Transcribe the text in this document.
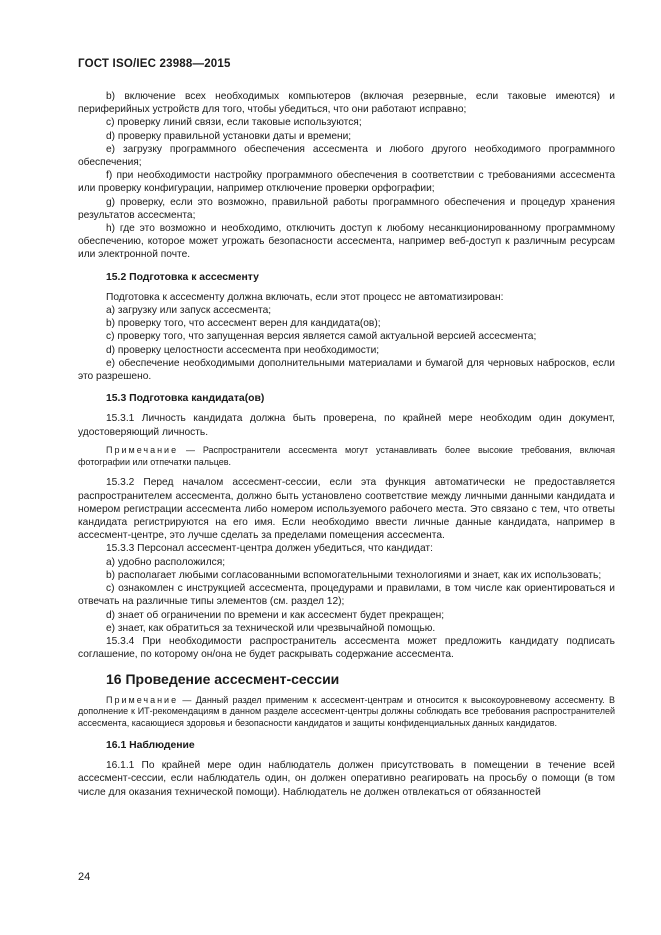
ГОСТ ISO/IEC 23988—2015

b) включение всех необходимых компьютеров (включая резервные, если таковые имеются) и периферийных устройств для того, чтобы убедиться, что они работают исправно;

c) проверку линий связи, если таковые используются;

d) проверку правильной установки даты и времени;

e) загрузку программного обеспечения ассесмента и любого другого необходимого программного обеспечения;

f) при необходимости настройку программного обеспечения в соответствии с требованиями ассесмента или проверку конфигурации, например отключение проверки орфографии;

g) проверку, если это возможно, правильной работы программного обеспечения и процедур хранения результатов ассесмента;

h) где это возможно и необходимо, отключить доступ к любому несанкционированному программному обеспечению, которое может угрожать безопасности ассесмента, например веб-доступ к различным ресурсам или электронной почте.

15.2 Подготовка к ассесменту

Подготовка к ассесменту должна включать, если этот процесс не автоматизирован:

a) загрузку или запуск ассесмента;

b) проверку того, что ассесмент верен для кандидата(ов);

c) проверку того, что запущенная версия является самой актуальной версией ассесмента;

d) проверку целостности ассесмента при необходимости;

e) обеспечение необходимыми дополнительными материалами и бумагой для черновых набросков, если это разрешено.

15.3 Подготовка кандидата(ов)

15.3.1 Личность кандидата должна быть проверена, по крайней мере необходим один документ, удостоверяющий личность.

Примечание — Распространители ассесмента могут устанавливать более высокие требования, включая фотографии или отпечатки пальцев.

15.3.2 Перед началом ассесмент-сессии, если эта функция автоматически не предоставляется распространителем ассесмента, должно быть установлено соответствие между личными данными кандидата и номером регистрации ассесмента либо номером используемого рабочего места. Это связано с тем, что ответы кандидата регистрируются на его имя. Если необходимо ввести личные данные кандидата, например в ассесмент-центре, это лучше сделать за пределами помещения ассесмента.

15.3.3 Персонал ассесмент-центра должен убедиться, что кандидат:

a) удобно расположился;

b) располагает любыми согласованными вспомогательными технологиями и знает, как их использовать;

c) ознакомлен с инструкцией ассесмента, процедурами и правилами, в том числе как ориентироваться и отвечать на различные типы элементов (см. раздел 12);

d) знает об ограничении по времени и как ассесмент будет прекращен;

e) знает, как обратиться за технической или чрезвычайной помощью.

15.3.4 При необходимости распространитель ассесмента может предложить кандидату подписать соглашение, по которому он/она не будет раскрывать содержание ассесмента.

16 Проведение ассесмент-сессии
Примечание — Данный раздел применим к ассесмент-центрам и относится к высокоуровневому ассесменту. В дополнение к ИТ-рекомендациям в данном разделе ассесмент-центры должны соблюдать все требования распространителей ассесмента, касающиеся здоровья и безопасности кандидатов и защиты конфиденциальных данных кандидатов.
16.1 Наблюдение

16.1.1 По крайней мере один наблюдатель должен присутствовать в помещении в течение всей ассесмент-сессии, если наблюдатель один, он должен оперативно реагировать на просьбу о помощи (в том числе для оказания технической помощи). Наблюдатель не должен отвлекаться от обязанностей

24
